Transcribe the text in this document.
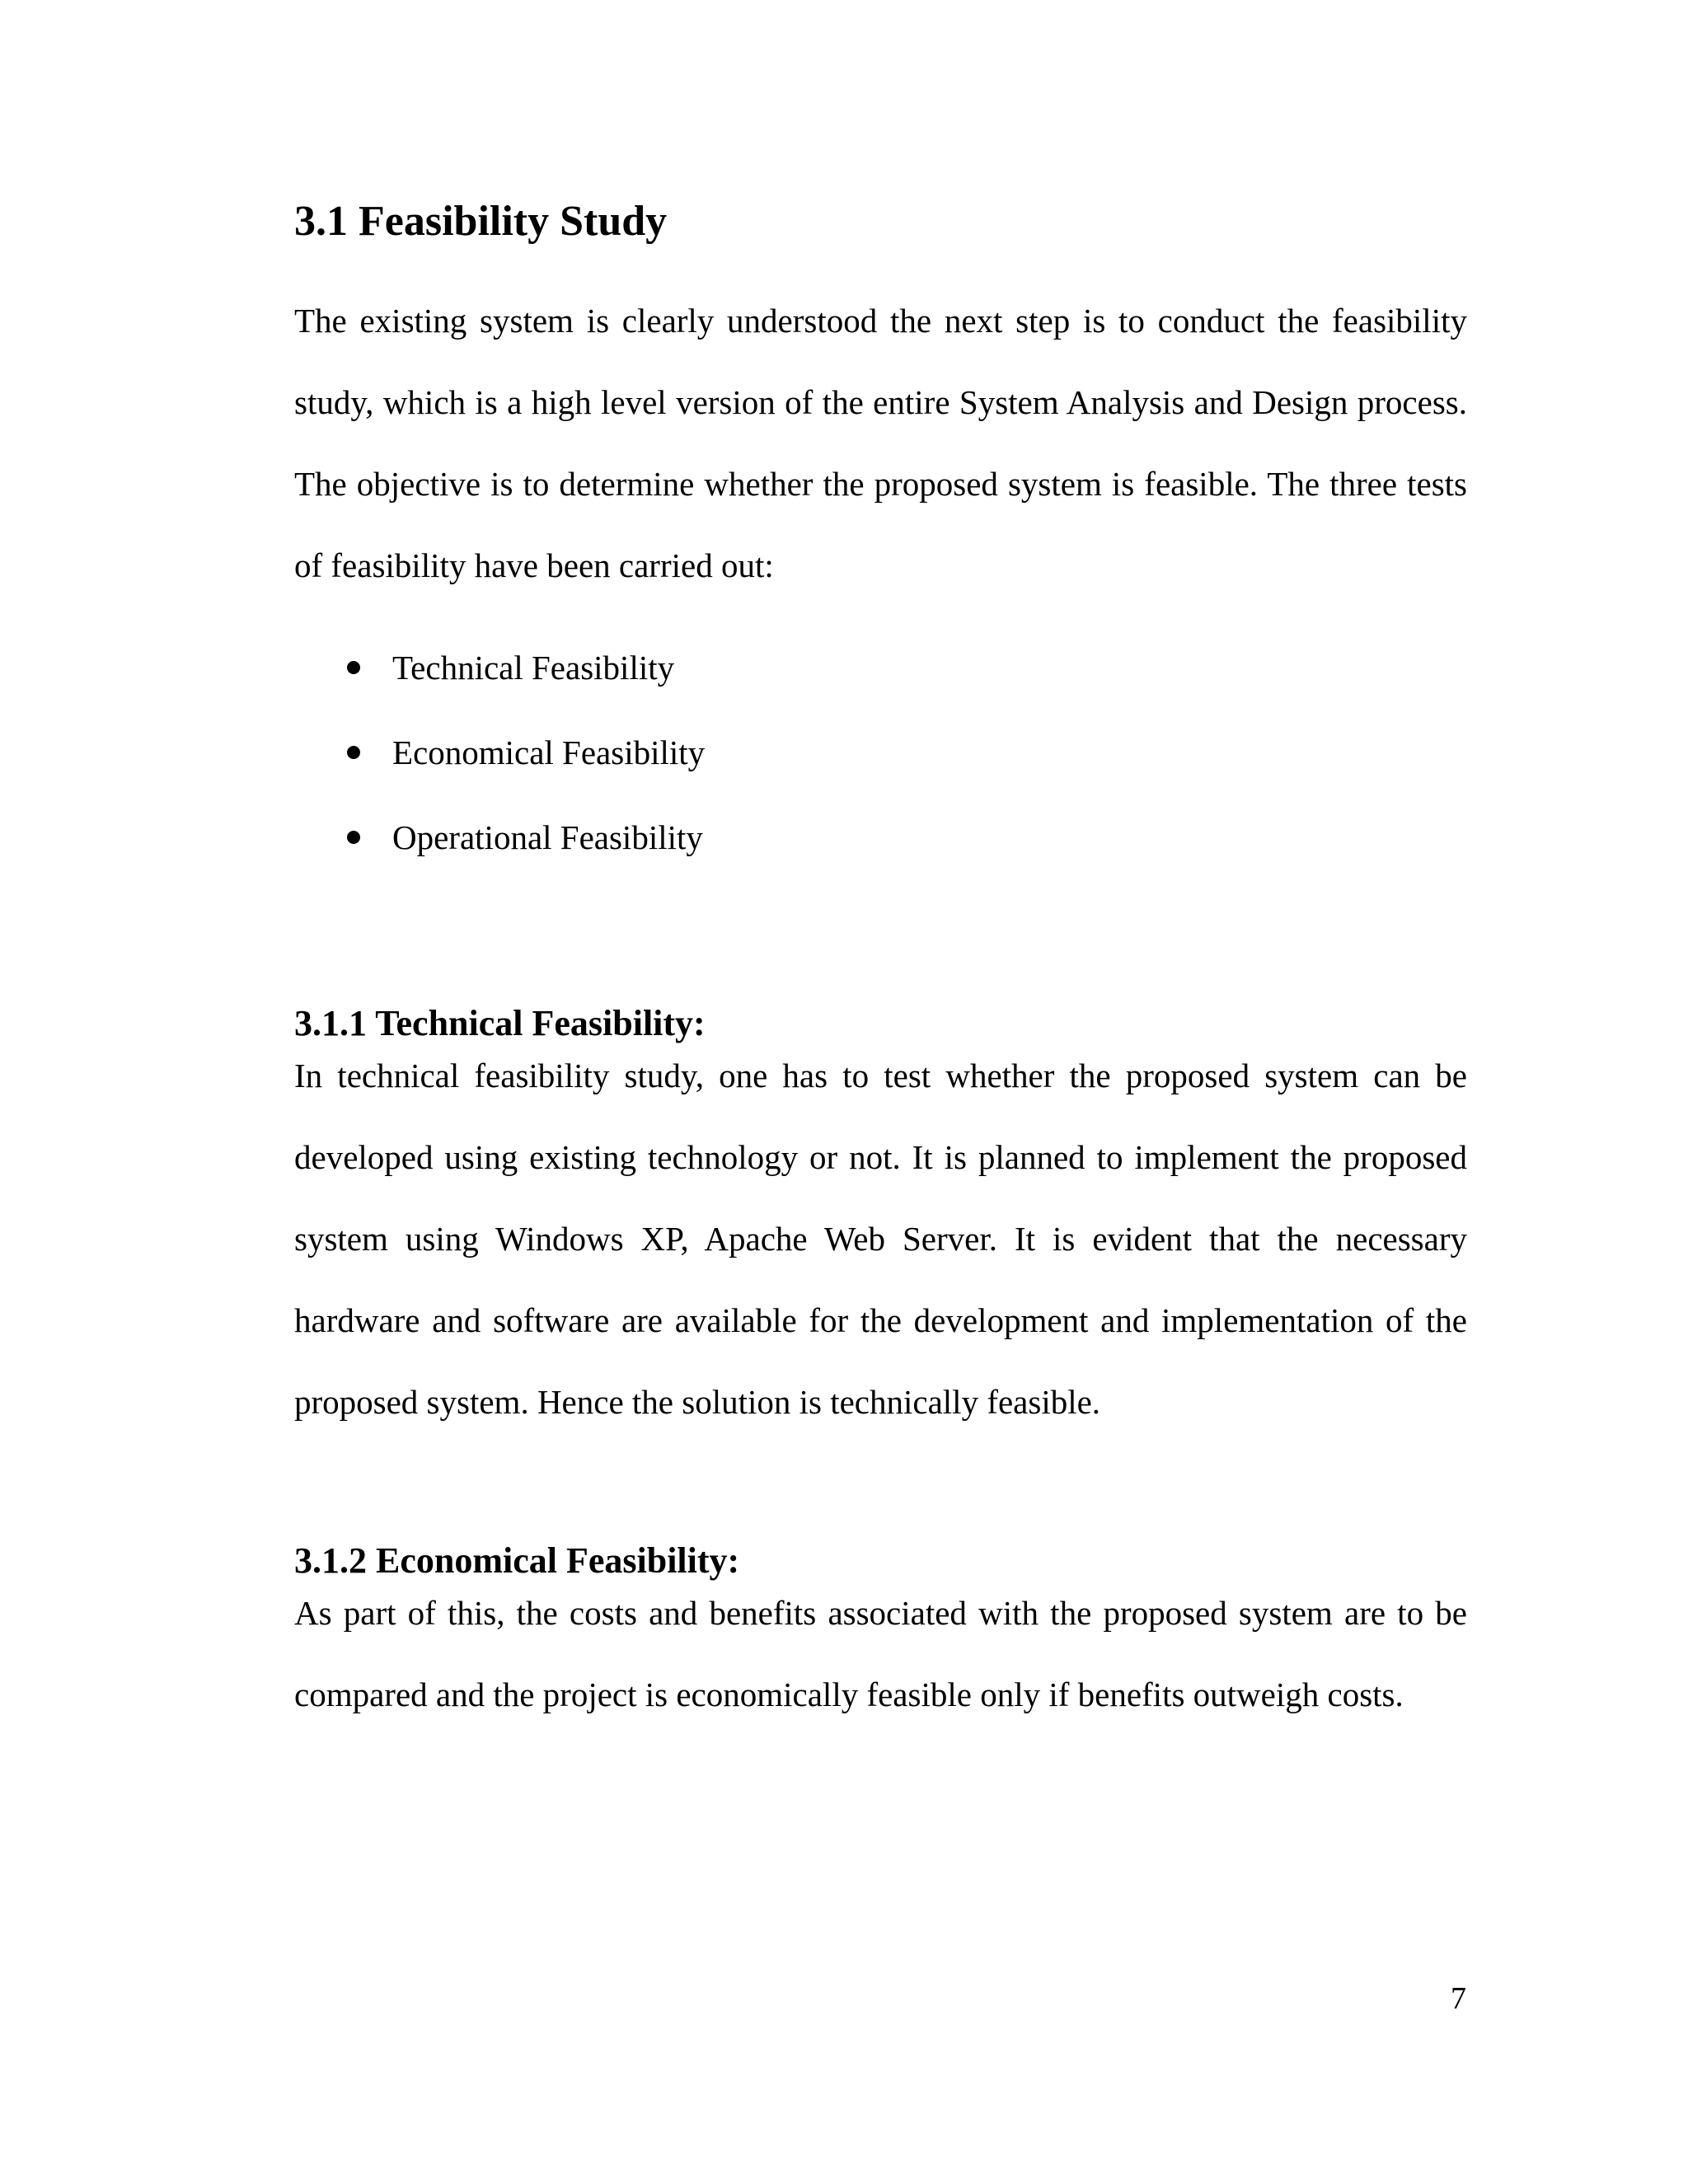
3.1 Feasibility Study

The existing system is clearly understood the next step is to conduct the feasibility study, which is a high level version of the entire System Analysis and Design process. The objective is to determine whether the proposed system is feasible. The three tests of feasibility have been carried out:

Technical Feasibility
Economical Feasibility
Operational Feasibility
3.1.1 Technical Feasibility:

In technical feasibility study, one has to test whether the proposed system can be developed using existing technology or not. It is planned to implement the proposed system using Windows XP, Apache Web Server. It is evident that the necessary hardware and software are available for the development and implementation of the proposed system. Hence the solution is technically feasible.

3.1.2 Economical Feasibility:

As part of this, the costs and benefits associated with the proposed system are to be compared and the project is economically feasible only if benefits outweigh costs.

7
